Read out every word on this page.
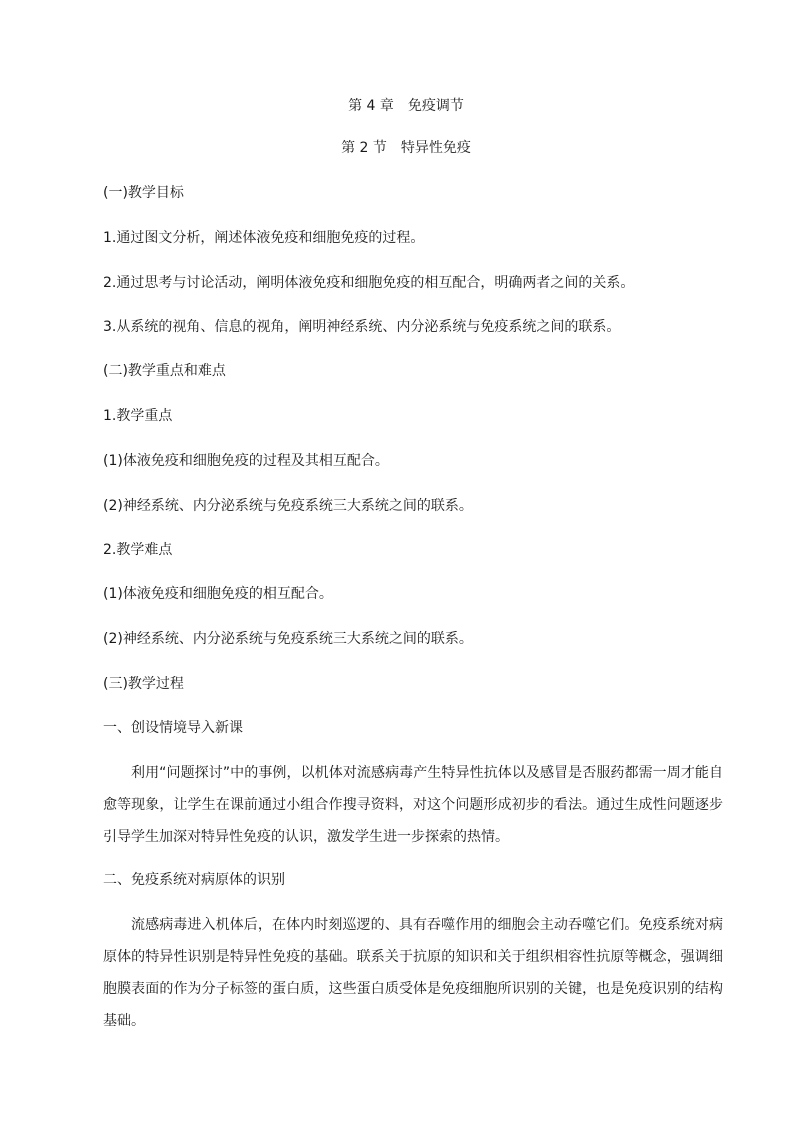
第 4 章　免疫调节
第 2 节　特异性免疫
(一)教学目标
1.通过图文分析，阐述体液免疫和细胞免疫的过程。
2.通过思考与讨论活动，阐明体液免疫和细胞免疫的相互配合，明确两者之间的关系。
3.从系统的视角、信息的视角，阐明神经系统、内分泌系统与免疫系统之间的联系。
(二)教学重点和难点
1.教学重点
(1)体液免疫和细胞免疫的过程及其相互配合。
(2)神经系统、内分泌系统与免疫系统三大系统之间的联系。
2.教学难点
(1)体液免疫和细胞免疫的相互配合。
(2)神经系统、内分泌系统与免疫系统三大系统之间的联系。
(三)教学过程
一、创设情境导入新课

利用“问题探讨”中的事例，以机体对流感病毒产生特异性抗体以及感冒是否服药都需一周才能自愈等现象，让学生在课前通过小组合作搜寻资料，对这个问题形成初步的看法。通过生成性问题逐步引导学生加深对特异性免疫的认识，激发学生进一步探索的热情。

二、免疫系统对病原体的识别

流感病毒进入机体后，在体内时刻巡逻的、具有吞噬作用的细胞会主动吞噬它们。免疫系统对病原体的特异性识别是特异性免疫的基础。联系关于抗原的知识和关于组织相容性抗原等概念，强调细胞膜表面的作为分子标签的蛋白质，这些蛋白质受体是免疫细胞所识别的关键，也是免疫识别的结构基础。
